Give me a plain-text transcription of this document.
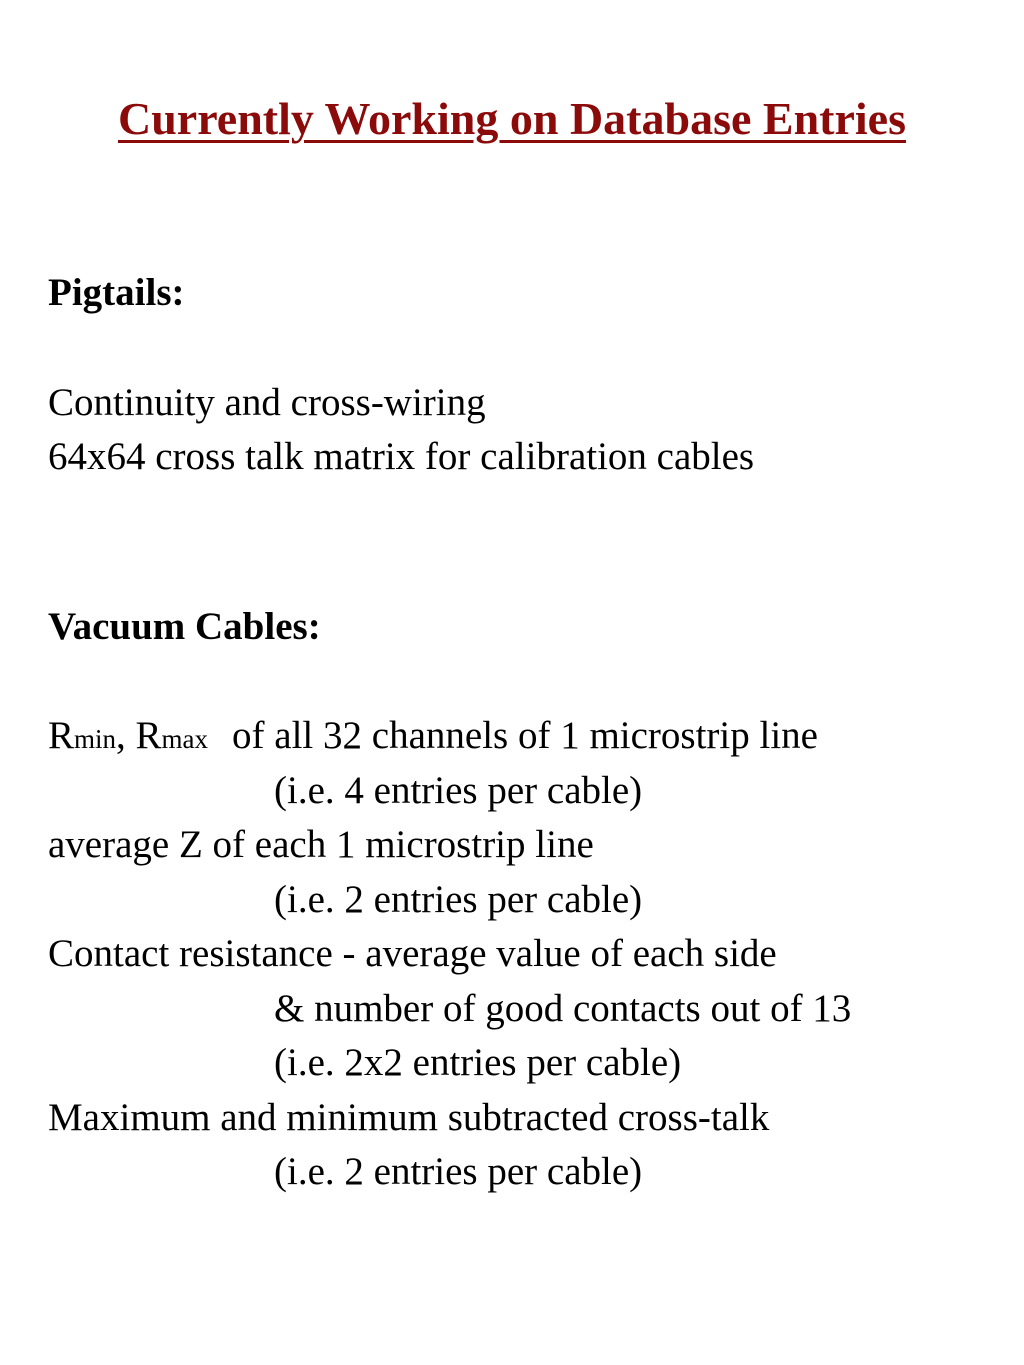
Currently Working on Database Entries
Pigtails:
Continuity and cross-wiring
64x64 cross talk matrix for calibration cables
Vacuum Cables:
Rmin, Rmax of all 32 channels of 1 microstrip line
(i.e. 4 entries per cable)
average Z of each 1 microstrip line
(i.e. 2 entries per cable)
Contact resistance - average value of each side
& number of good contacts out of 13
(i.e. 2x2 entries per cable)
Maximum and minimum subtracted cross-talk
(i.e. 2 entries per cable)
